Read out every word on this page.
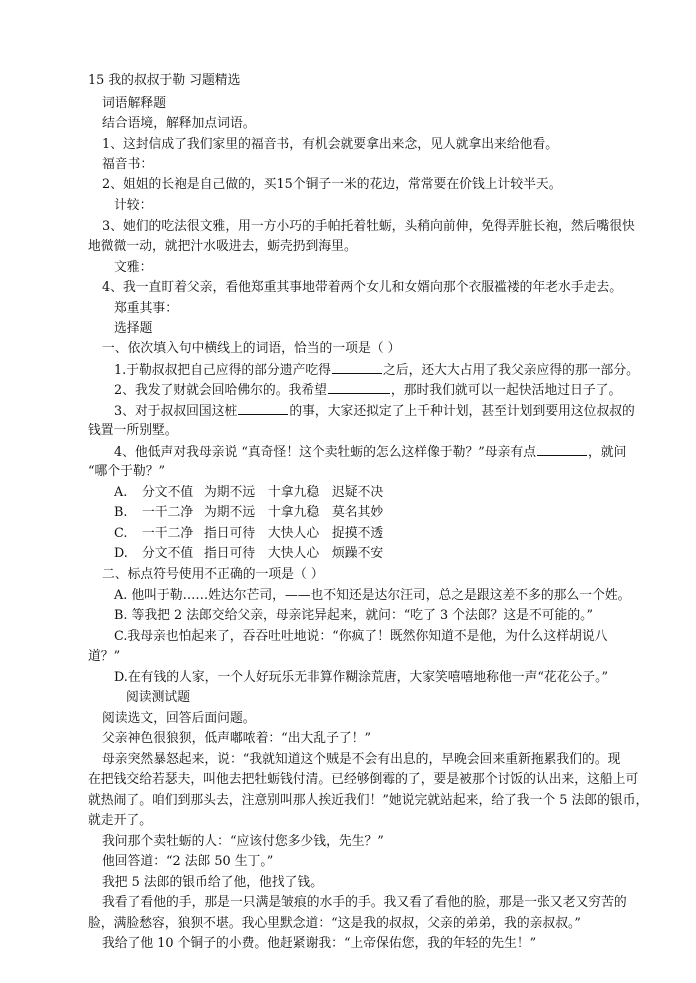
15 我的叔叔于勒 习题精选
词语解释题
结合语境，解释加点词语。
1、这封信成了我们家里的福音书，有机会就要拿出来念，见人就拿出来给他看。
福音书：
2、姐姐的长袍是自己做的，买15个铜子一米的花边，常常要在价钱上计较半天。
计较：
3、她们的吃法很文雅，用一方小巧的手帕托着牡蛎，头稍向前伸，免得弄脏长袍，然后嘴很快
地微微一动，就把汁水吸进去，蛎壳扔到海里。
文雅：
4、我一直盯着父亲，看他郑重其事地带着两个女儿和女婿向那个衣服褴褛的年老水手走去。
郑重其事：
选择题
一、依次填入句中横线上的词语，恰当的一项是（ ）
1.于勒叔叔把自己应得的部分遗产吃得	之后，还大大占用了我父亲应得的那一部分。
2、我发了财就会回哈佛尔的。我希望	，那时我们就可以一起快活地过日子了。
3、对于叔叔回国这桩	的事，大家还拟定了上千种计划，甚至计划到要用这位叔叔的
钱置一所别墅。
4、他低声对我母亲说 “真奇怪！这个卖牡蛎的怎么这样像于勒？”母亲有点	，就问
“哪个于勒？”
A. 分文不值 为期不远 十拿九稳 迟疑不决
B. 一干二净 为期不远 十拿九稳 莫名其妙
C. 一干二净 指日可待 大快人心 捉摸不透
D. 分文不值 指日可待 大快人心 烦躁不安
二、标点符号使用不正确的一项是（ ）
A. 他叫于勒……姓达尔芒司，——也不知还是达尔汪司，总之是跟这差不多的那么一个姓。
B. 等我把 2 法郎交给父亲，母亲诧异起来，就问：“吃了 3 个法郎？这是不可能的。”
C.我母亲也怕起来了，吞吞吐吐地说：“你疯了！既然你知道不是他，为什么这样胡说八
道？”
D.在有钱的人家，一个人好玩乐无非算作糊涂荒唐，大家笑嘻嘻地称他一声“花花公子。”
阅读测试题
阅读选文，回答后面问题。
父亲神色很狼狈，低声嘟哝着：“出大乱子了！”
母亲突然暴怒起来，说：“我就知道这个贼是不会有出息的，早晚会回来重新拖累我们的。现
在把钱交给若瑟夫，叫他去把牡蛎钱付清。已经够倒霉的了，要是被那个讨饭的认出来，这船上可
就热闹了。咱们到那头去，注意别叫那人挨近我们！”她说完就站起来，给了我一个 5 法郎的银币，
就走开了。
我问那个卖牡蛎的人：“应该付您多少钱，先生？”
他回答道：“2 法郎 50 生丁。”
我把 5 法郎的银币给了他，他找了钱。
我看了看他的手，那是一只满是皱痕的水手的手。我又看了看他的脸，那是一张又老又穷苦的
脸，满脸愁容，狼狈不堪。我心里默念道：“这是我的叔叔，父亲的弟弟，我的亲叔叔。”
我给了他 10 个铜子的小费。他赶紧谢我：“上帝保佑您，我的年轻的先生！”
